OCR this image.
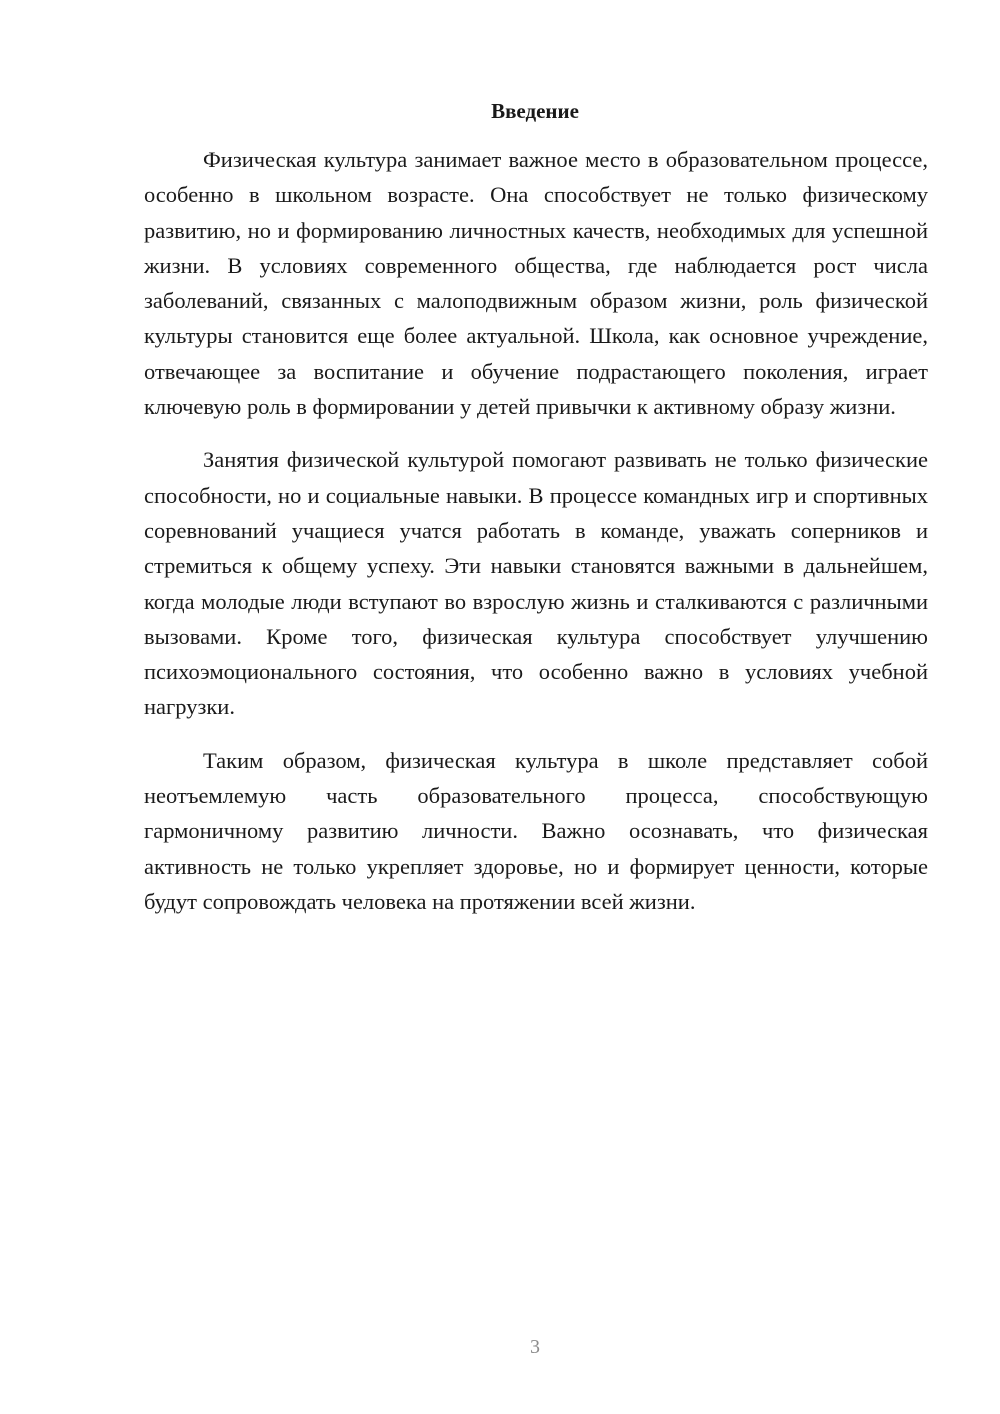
Введение

Физическая культура занимает важное место в образовательном процессе, особенно в школьном возрасте. Она способствует не только физическому развитию, но и формированию личностных качеств, необходимых для успешной жизни. В условиях современного общества, где наблюдается рост числа заболеваний, связанных с малоподвижным образом жизни, роль физической культуры становится еще более актуальной. Школа, как основное учреждение, отвечающее за воспитание и обучение подрастающего поколения, играет ключевую роль в формировании у детей привычки к активному образу жизни.

Занятия физической культурой помогают развивать не только физические способности, но и социальные навыки. В процессе командных игр и спортивных соревнований учащиеся учатся работать в команде, уважать соперников и стремиться к общему успеху. Эти навыки становятся важными в дальнейшем, когда молодые люди вступают во взрослую жизнь и сталкиваются с различными вызовами. Кроме того, физическая культура способствует улучшению психоэмоционального состояния, что особенно важно в условиях учебной нагрузки.

Таким образом, физическая культура в школе представляет собой неотъемлемую часть образовательного процесса, способствующую гармоничному развитию личности. Важно осознавать, что физическая активность не только укрепляет здоровье, но и формирует ценности, которые будут сопровождать человека на протяжении всей жизни.

3
